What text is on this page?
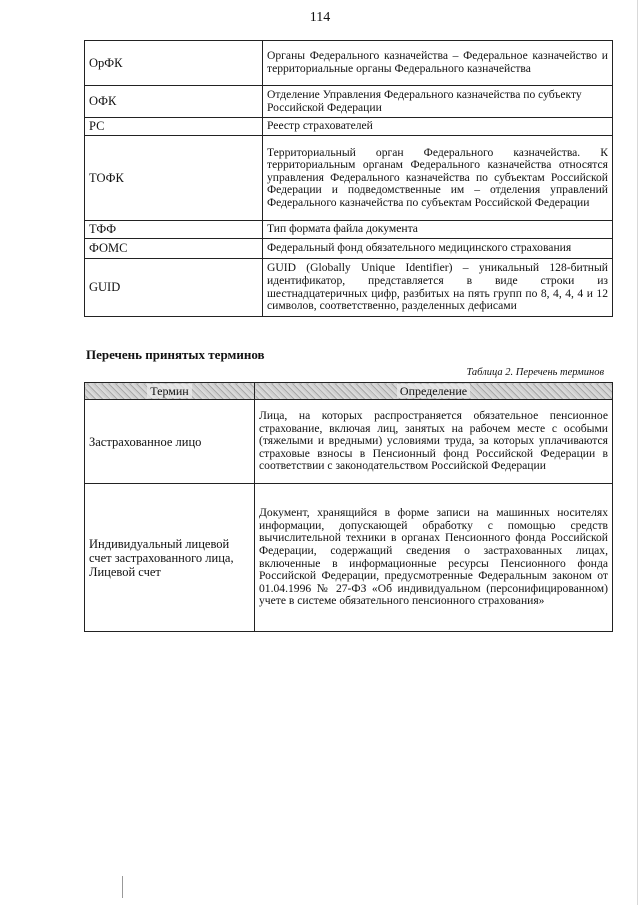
114
ОрФК	Органы Федерального казначейства – Федеральное казначейство и территориальные органы Федерального казначейства
ОФК	Отделение Управления Федерального казначейства по субъекту Российской Федерации
РС	Реестр страхователей
ТОФК	Территориальный орган Федерального казначейства. К территориальным органам Федерального казначейства относятся управления Федерального казначейства по субъектам Российской Федерации и подведомственные им – отделения управлений Федерального казначейства по субъектам Российской Федерации
ТФФ	Тип формата файла документа
ФОМС	Федеральный фонд обязательного медицинского страхования
GUID	GUID (Globally Unique Identifier) – уникальный 128-битный идентификатор, представляется в виде строки из шестнадцатеричных цифр, разбитых на пять групп по 8, 4, 4, 4 и 12 символов, соответственно, разделенных дефисами
Перечень принятых терминов
Таблица 2. Перечень терминов
Термин	Определение
Застрахованное лицо	Лица, на которых распространяется обязательное пенсионное страхование, включая лиц, занятых на рабочем месте с особыми (тяжелыми и вредными) условиями труда, за которых уплачиваются страховые взносы в Пенсионный фонд Российской Федерации в соответствии с законодательством Российской Федерации
Индивидуальный лицевой счет застрахованного лица, Лицевой счет	Документ, хранящийся в форме записи на машинных носителях информации, допускающей обработку с помощью средств вычислительной техники в органах Пенсионного фонда Российской Федерации, содержащий сведения о застрахованных лицах, включенные в информационные ресурсы Пенсионного фонда Российской Федерации, предусмотренные Федеральным законом от 01.04.1996 № 27-ФЗ «Об индивидуальном (персонифицированном) учете в системе обязательного пенсионного страхования»
